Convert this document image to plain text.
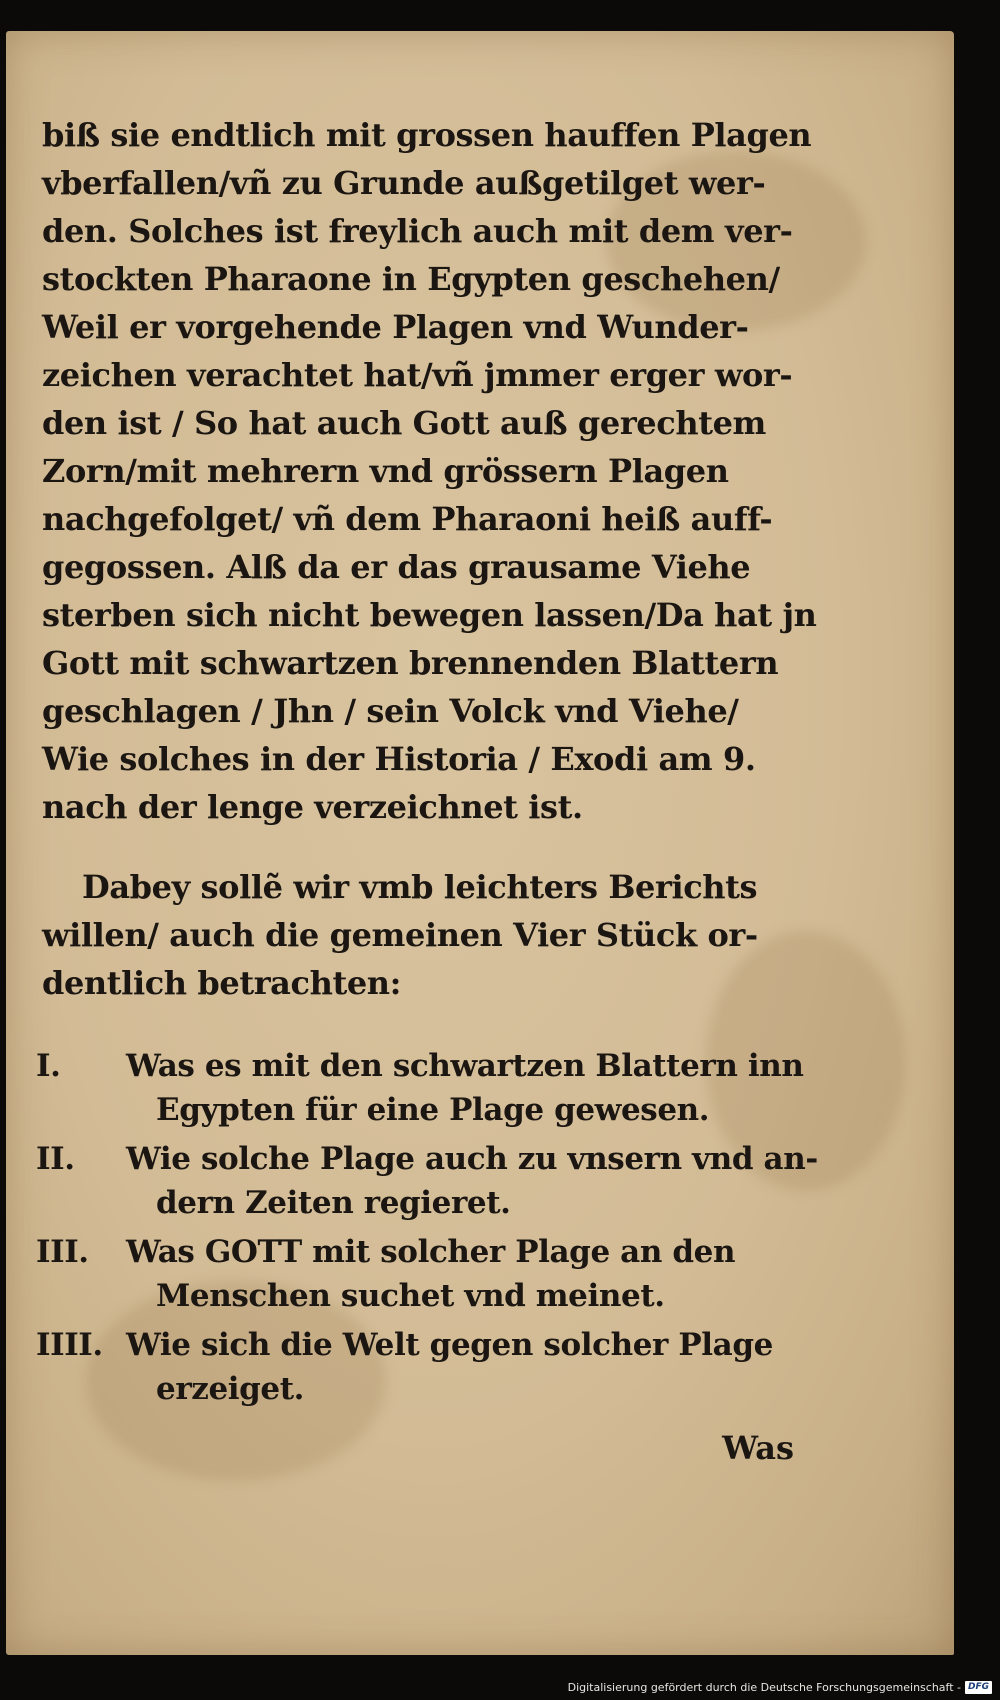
biß sie endtlich mit grossen hauffen Plagen
vberfallen/vñ zu Grunde außgetilget wer-
den. Solches ist freylich auch mit dem ver-
stockten Pharaone in Egypten geschehen/
Weil er vorgehende Plagen vnd Wunder-
zeichen verachtet hat/vñ jmmer erger wor-
den ist / So hat auch Gott auß gerechtem
Zorn/mit mehrern vnd grössern Plagen
nachgefolget/ vñ dem Pharaoni heiß auff-
gegossen. Alß da er das grausame Viehe
sterben sich nicht bewegen lassen/Da hat jn
Gott mit schwartzen brennenden Blattern
geschlagen / Jhn / sein Volck vnd Viehe/
Wie solches in der Historia / Exodi am 9.
nach der lenge verzeichnet ist.
Dabey sollẽ wir vmb leichters Berichts
willen/ auch die gemeinen Vier Stück or-
dentlich betrachten:
I.	Was es mit den schwartzen Blattern inn
Egypten für eine Plage gewesen.
II.	Wie solche Plage auch zu vnsern vnd an-
dern Zeiten regieret.
III.	Was GOTT mit solcher Plage an den
Menschen suchet vnd meinet.
IIII. Wie sich die Welt gegen solcher Plage
erzeiget.
Was
Digitalisierung gefördert durch die Deutsche Forschungsgemeinschaft - DFG
